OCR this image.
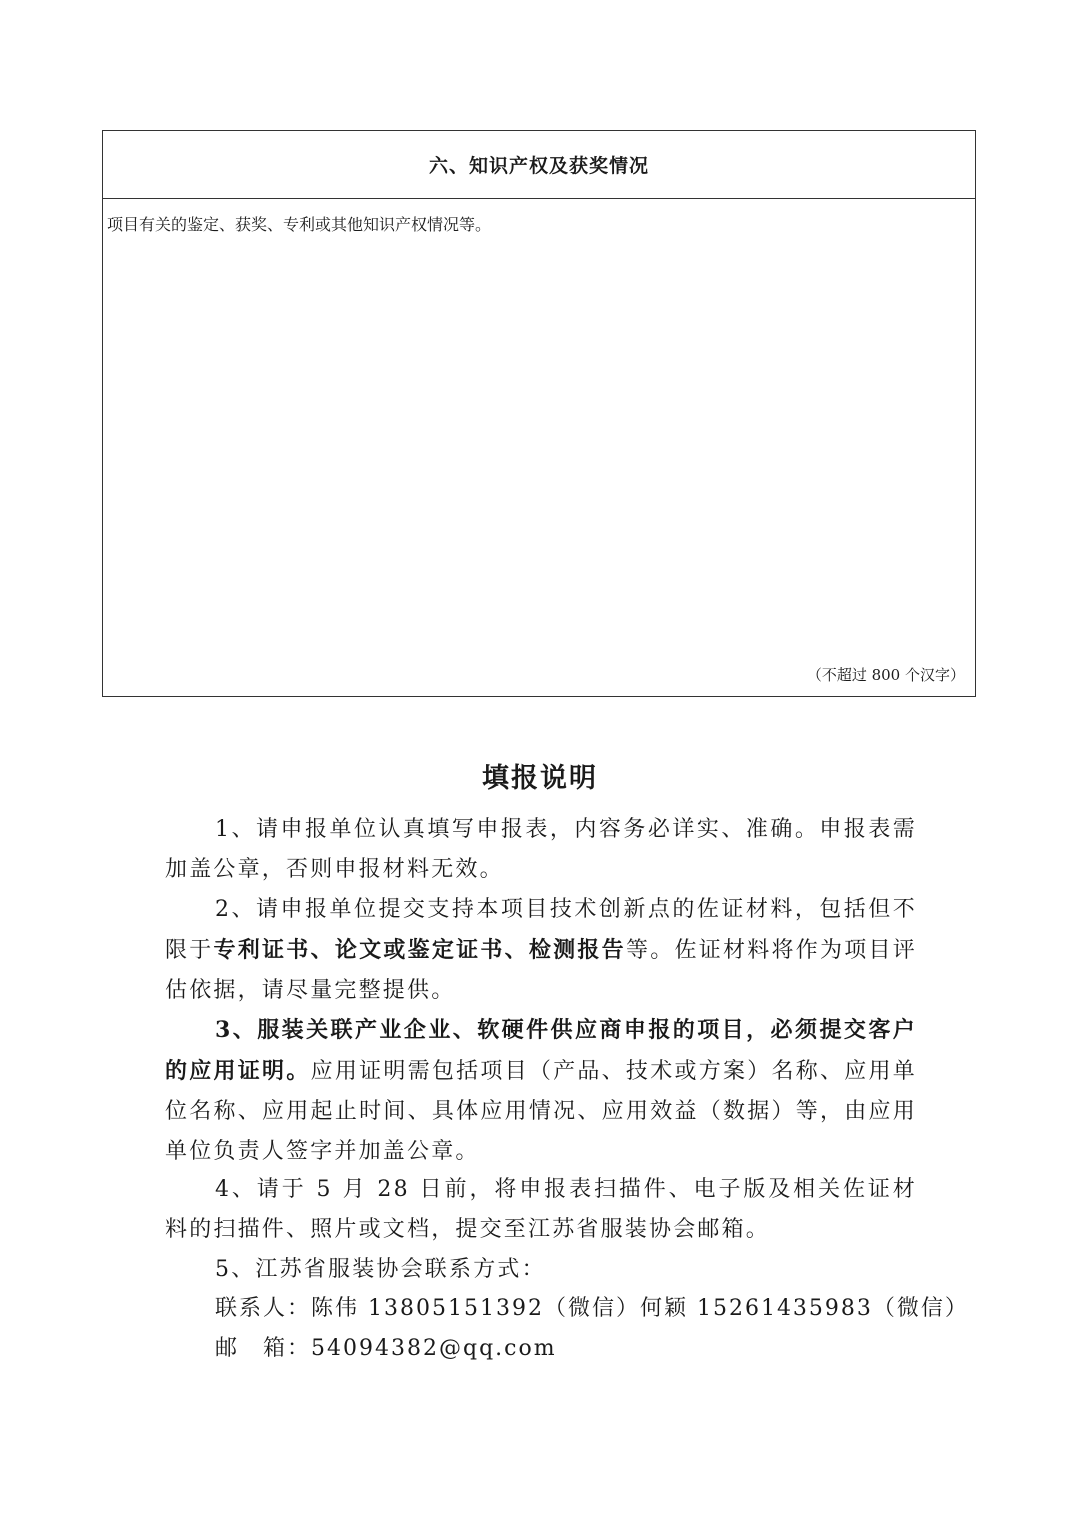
六、知识产权及获奖情况
项目有关的鉴定、获奖、专利或其他知识产权情况等。
（不超过 800 个汉字）
填报说明

1、请申报单位认真填写申报表，内容务必详实、准确。申报表需加盖公章，否则申报材料无效。

2、请申报单位提交支持本项目技术创新点的佐证材料，包括但不限于专利证书、论文或鉴定证书、检测报告等。佐证材料将作为项目评估依据，请尽量完整提供。

3、服装关联产业企业、软硬件供应商申报的项目，必须提交客户的应用证明。应用证明需包括项目（产品、技术或方案）名称、应用单位名称、应用起止时间、具体应用情况、应用效益（数据）等，由应用单位负责人签字并加盖公章。

4、请于 5 月 28 日前，将申报表扫描件、电子版及相关佐证材料的扫描件、照片或文档，提交至江苏省服装协会邮箱。

5、江苏省服装协会联系方式：

联系人：陈伟 13805151392（微信）何颖 15261435983（微信）
邮　箱：54094382@qq.com
